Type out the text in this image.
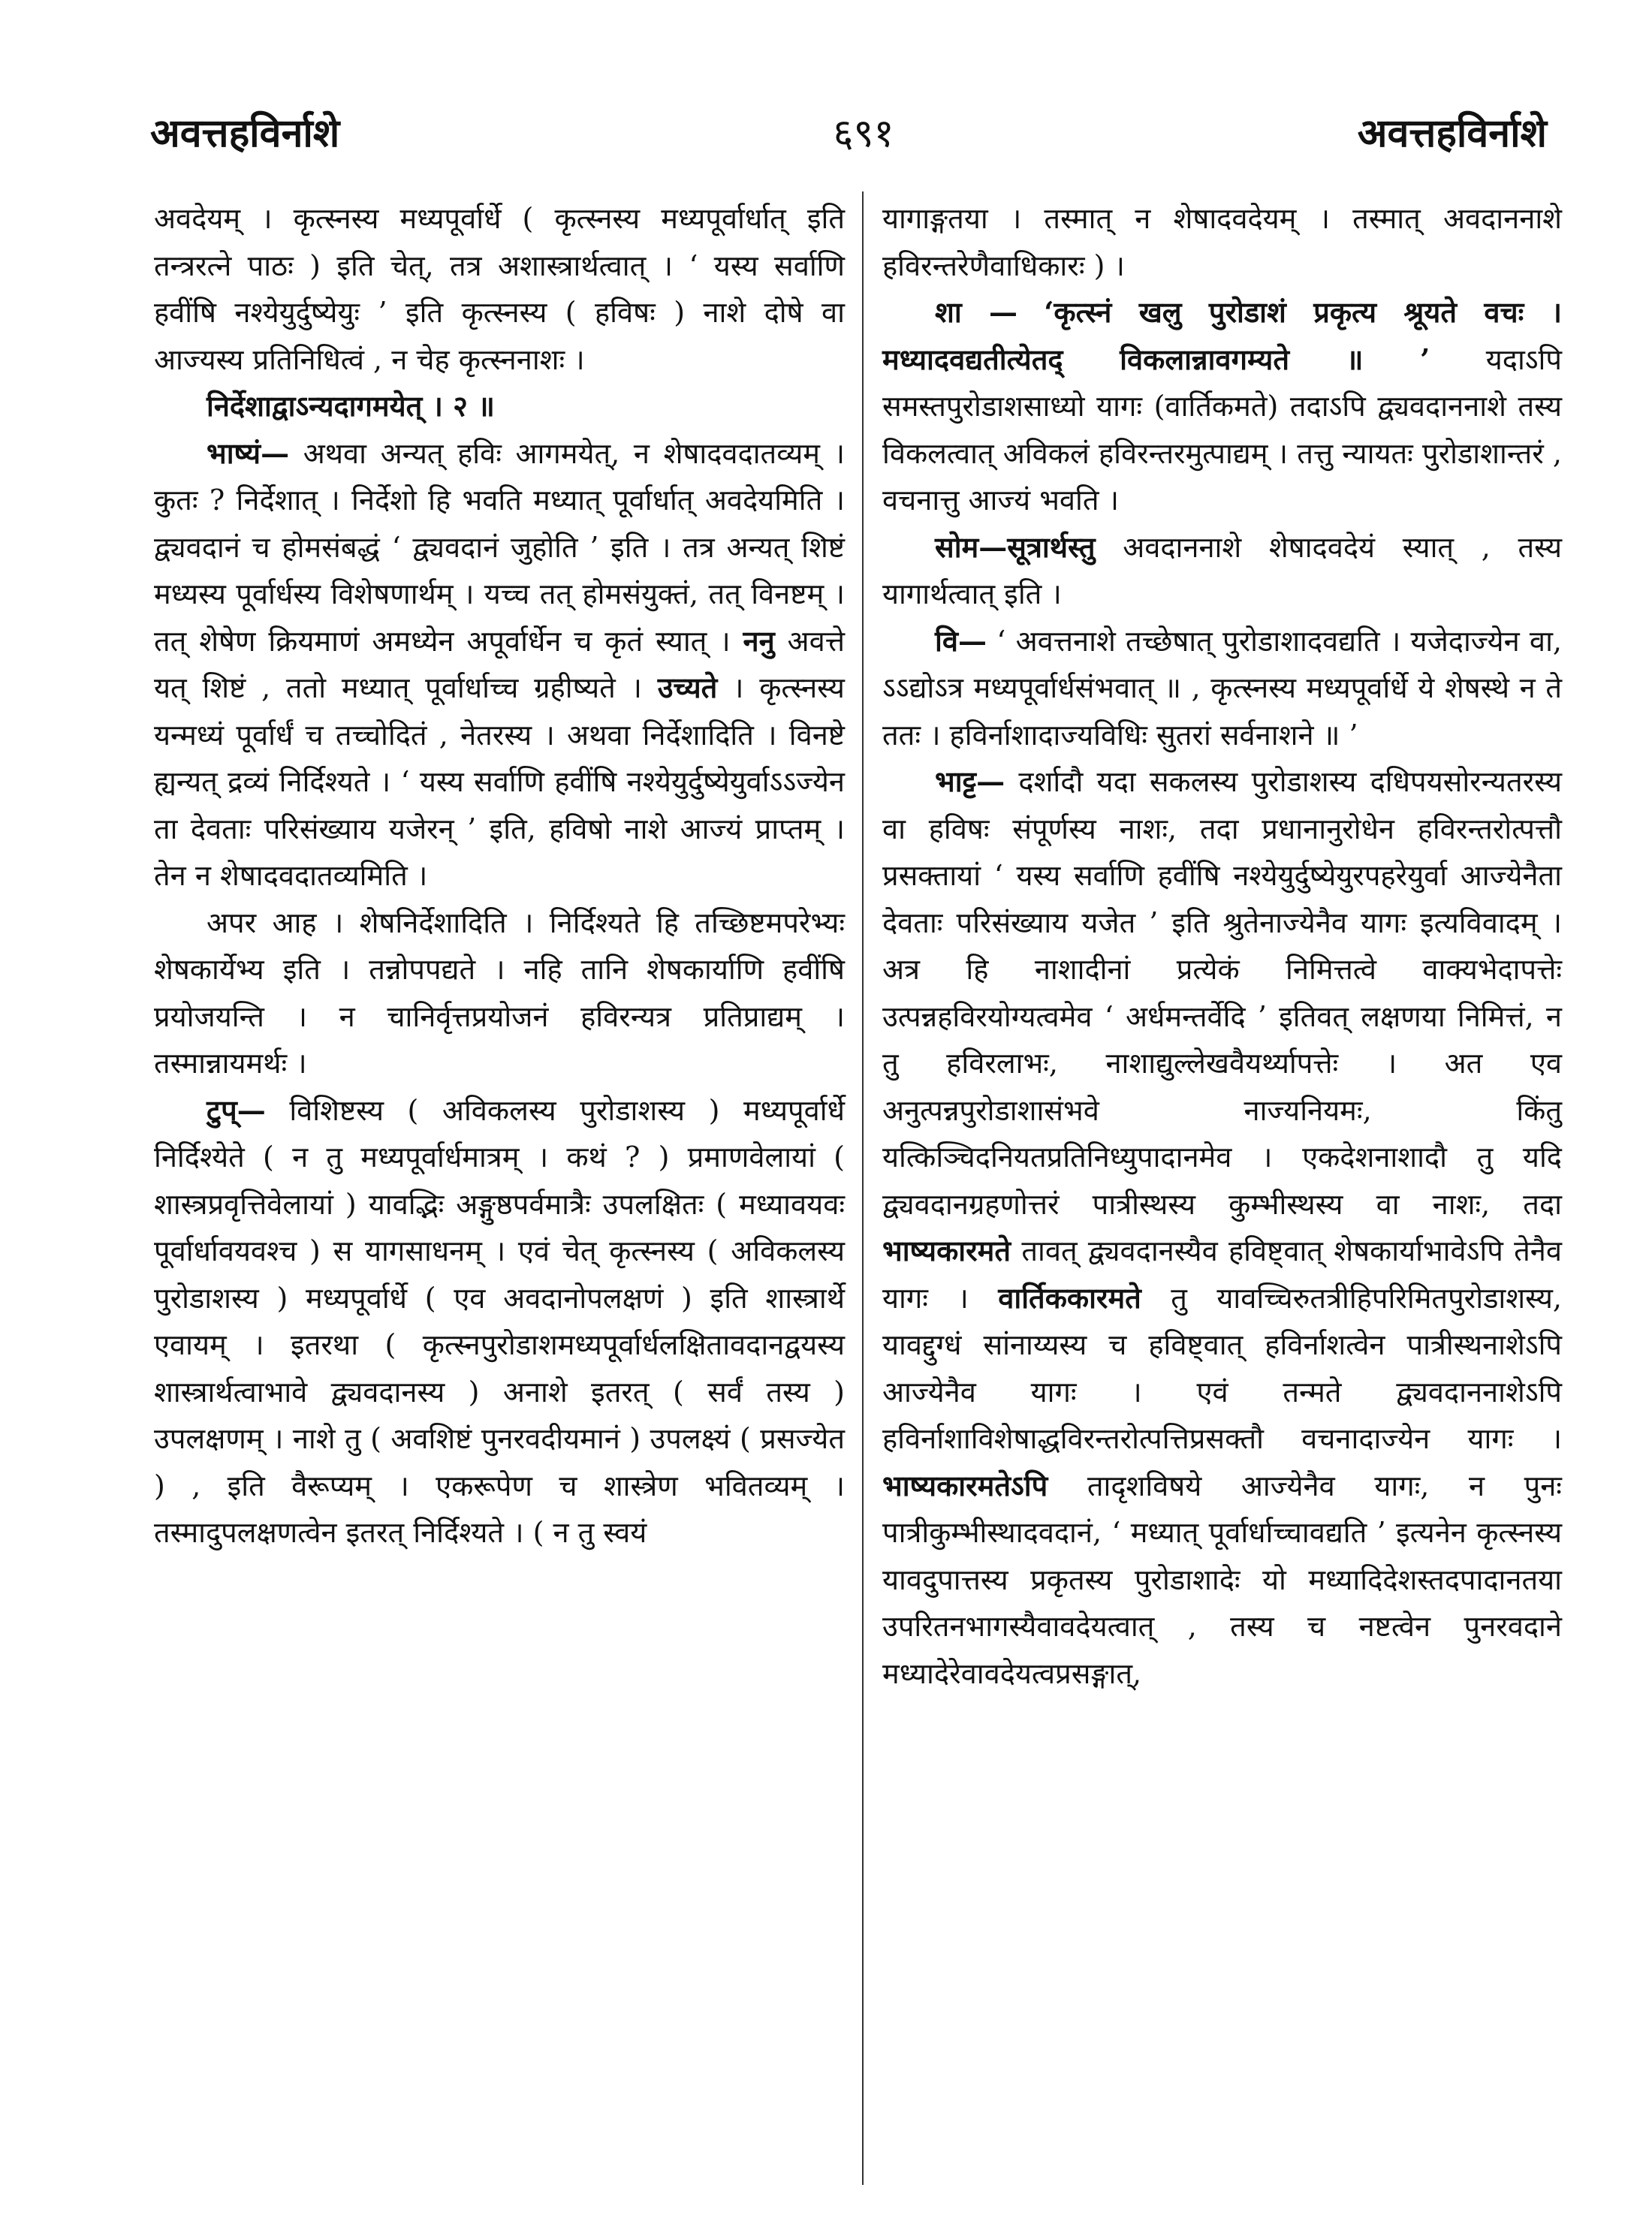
अवत्तहविर्नाशे	६९१	अवत्तहविर्नाशे

अवदेयम् । कृत्स्नस्य मध्यपूर्वार्धे ( कृत्स्नस्य मध्यपूर्वार्धात् इति तन्त्ररत्ने पाठः ) इति चेत्, तत्र अशास्त्रार्थत्वात् । ‘ यस्य सर्वाणि हवींषि नश्येयुर्दुष्येयुः ’ इति कृत्स्नस्य ( हविषः ) नाशे दोषे वा आज्यस्य प्रतिनिधित्वं , न चेह कृत्स्ननाशः ।

निर्देशाद्वाऽन्यदागमयेत् । २ ॥

भाष्यं— अथवा अन्यत् हविः आगमयेत्, न शेषादवदातव्यम् । कुतः ? निर्देशात् । निर्देशो हि भवति मध्यात् पूर्वार्धात् अवदेयमिति । द्व्यवदानं च होमसंबद्धं ‘ द्व्यवदानं जुहोति ’ इति । तत्र अन्यत् शिष्टं मध्यस्य पूर्वार्धस्य विशेषणार्थम् । यच्च तत् होमसंयुक्तं, तत् विनष्टम् । तत् शेषेण क्रियमाणं अमध्येन अपूर्वार्धेन च कृतं स्यात् । ननु अवत्ते यत् शिष्टं , ततो मध्यात् पूर्वार्धाच्च ग्रहीष्यते । उच्यते । कृत्स्नस्य यन्मध्यं पूर्वार्धं च तच्चोदितं , नेतरस्य । अथवा निर्देशादिति । विनष्टे ह्यन्यत् द्रव्यं निर्दिश्यते । ‘ यस्य सर्वाणि हवींषि नश्येयुर्दुष्येयुर्वाऽऽज्येन ता देवताः परिसंख्याय यजेरन् ’ इति, हविषो नाशे आज्यं प्राप्तम् । तेन न शेषादवदातव्यमिति ।

अपर आह । शेषनिर्देशादिति । निर्दिश्यते हि तच्छिष्टमपरेभ्यः शेषकार्येभ्य इति । तन्नोपपद्यते । नहि तानि शेषकार्याणि हवींषि प्रयोजयन्ति । न चानिर्वृत्तप्रयोजनं हविरन्यत्र प्रतिप्राद्यम् । तस्मान्नायमर्थः ।

टुप्— विशिष्टस्य ( अविकलस्य पुरोडाशस्य ) मध्यपूर्वार्धे निर्दिश्येते ( न तु मध्यपूर्वार्धमात्रम् । कथं ? ) प्रमाणवेलायां ( शास्त्रप्रवृत्तिवेलायां ) यावद्भिः अङ्गुष्ठपर्वमात्रैः उपलक्षितः ( मध्यावयवः पूर्वार्धावयवश्च ) स यागसाधनम् । एवं चेत् कृत्स्नस्य ( अविकलस्य पुरोडाशस्य ) मध्यपूर्वार्धे ( एव अवदानोपलक्षणं ) इति शास्त्रार्थे एवायम् । इतरथा ( कृत्स्नपुरोडाशमध्यपूर्वार्धलक्षितावदानद्वयस्य शास्त्रार्थत्वाभावे द्व्यवदानस्य ) अनाशे इतरत् ( सर्वं तस्य ) उपलक्षणम् । नाशे तु ( अवशिष्टं पुनरवदीयमानं ) उपलक्ष्यं ( प्रसज्येत ) , इति वैरूप्यम् । एकरूपेण च शास्त्रेण भवितव्यम् । तस्मादुपलक्षणत्वेन इतरत् निर्दिश्यते । ( न तु स्वयं

यागाङ्गतया । तस्मात् न शेषादवदेयम् । तस्मात् अवदाननाशे हविरन्तरेणैवाधिकारः ) ।

शा — ‘कृत्स्नं खलु पुरोडाशं प्रकृत्य श्रूयते वचः । मध्यादवद्यतीत्येतद् विकलान्नावगम्यते ॥ ’ यदाऽपि समस्तपुरोडाशसाध्यो यागः (वार्तिकमते) तदाऽपि द्व्यवदाननाशे तस्य विकलत्वात् अविकलं हविरन्तरमुत्पाद्यम् । तत्तु न्यायतः पुरोडाशान्तरं , वचनात्तु आज्यं भवति ।

सोम—सूत्रार्थस्तु अवदाननाशे शेषादवदेयं स्यात् , तस्य यागार्थत्वात् इति ।

वि— ‘ अवत्तनाशे तच्छेषात् पुरोडाशादवद्यति । यजेदाज्येन वा, ऽऽद्योऽत्र मध्यपूर्वार्धसंभवात् ॥ , कृत्स्नस्य मध्यपूर्वार्धे ये शेषस्थे न ते ततः । हविर्नाशादाज्यविधिः सुतरां सर्वनाशने ॥ ’

भाट्ट— दर्शादौ यदा सकलस्य पुरोडाशस्य दधिपयसोरन्यतरस्य वा हविषः संपूर्णस्य नाशः, तदा प्रधानानुरोधेन हविरन्तरोत्पत्तौ प्रसक्तायां ‘ यस्य सर्वाणि हवींषि नश्येयुर्दुष्येयुरपहरेयुर्वा आज्येनैता देवताः परिसंख्याय यजेत ’ इति श्रुतेनाज्येनैव यागः इत्यविवादम् । अत्र हि नाशादीनां प्रत्येकं निमित्तत्वे वाक्यभेदापत्तेः उत्पन्नहविरयोग्यत्वमेव ‘ अर्धमन्तर्वेदि ’ इतिवत् लक्षणया निमित्तं, न तु हविरलाभः, नाशाद्युल्लेखवैयर्थ्यापत्तेः । अत एव अनुत्पन्नपुरोडाशासंभवे नाज्यनियमः, किंतु यत्किञ्चिदनियतप्रतिनिध्युपादानमेव । एकदेशनाशादौ तु यदि द्व्यवदानग्रहणोत्तरं पात्रीस्थस्य कुम्भीस्थस्य वा नाशः, तदा भाष्यकारमते तावत् द्व्यवदानस्यैव हविष्ट्वात् शेषकार्याभावेऽपि तेनैव यागः । वार्तिककारमते तु यावच्चिरुतत्रीहिपरिमितपुरोडाशस्य, यावद्दुग्धं सांनाय्यस्य च हविष्ट्वात् हविर्नाशत्वेन पात्रीस्थनाशेऽपि आज्येनैव यागः । एवं तन्मते द्व्यवदाननाशेऽपि हविर्नाशाविशेषाद्धविरन्तरोत्पत्तिप्रसक्तौ वचनादाज्येन यागः । भाष्यकारमतेऽपि तादृशविषये आज्येनैव यागः, न पुनः पात्रीकुम्भीस्थादवदानं, ‘ मध्यात् पूर्वार्धाच्चावद्यति ’ इत्यनेन कृत्स्नस्य यावदुपात्तस्य प्रकृतस्य पुरोडाशादेः यो मध्यादिदेशस्तदपादानतया उपरितनभागस्यैवावदेयत्वात् , तस्य च नष्टत्वेन पुनरवदाने मध्यादेरेवावदेयत्वप्रसङ्गात्,
